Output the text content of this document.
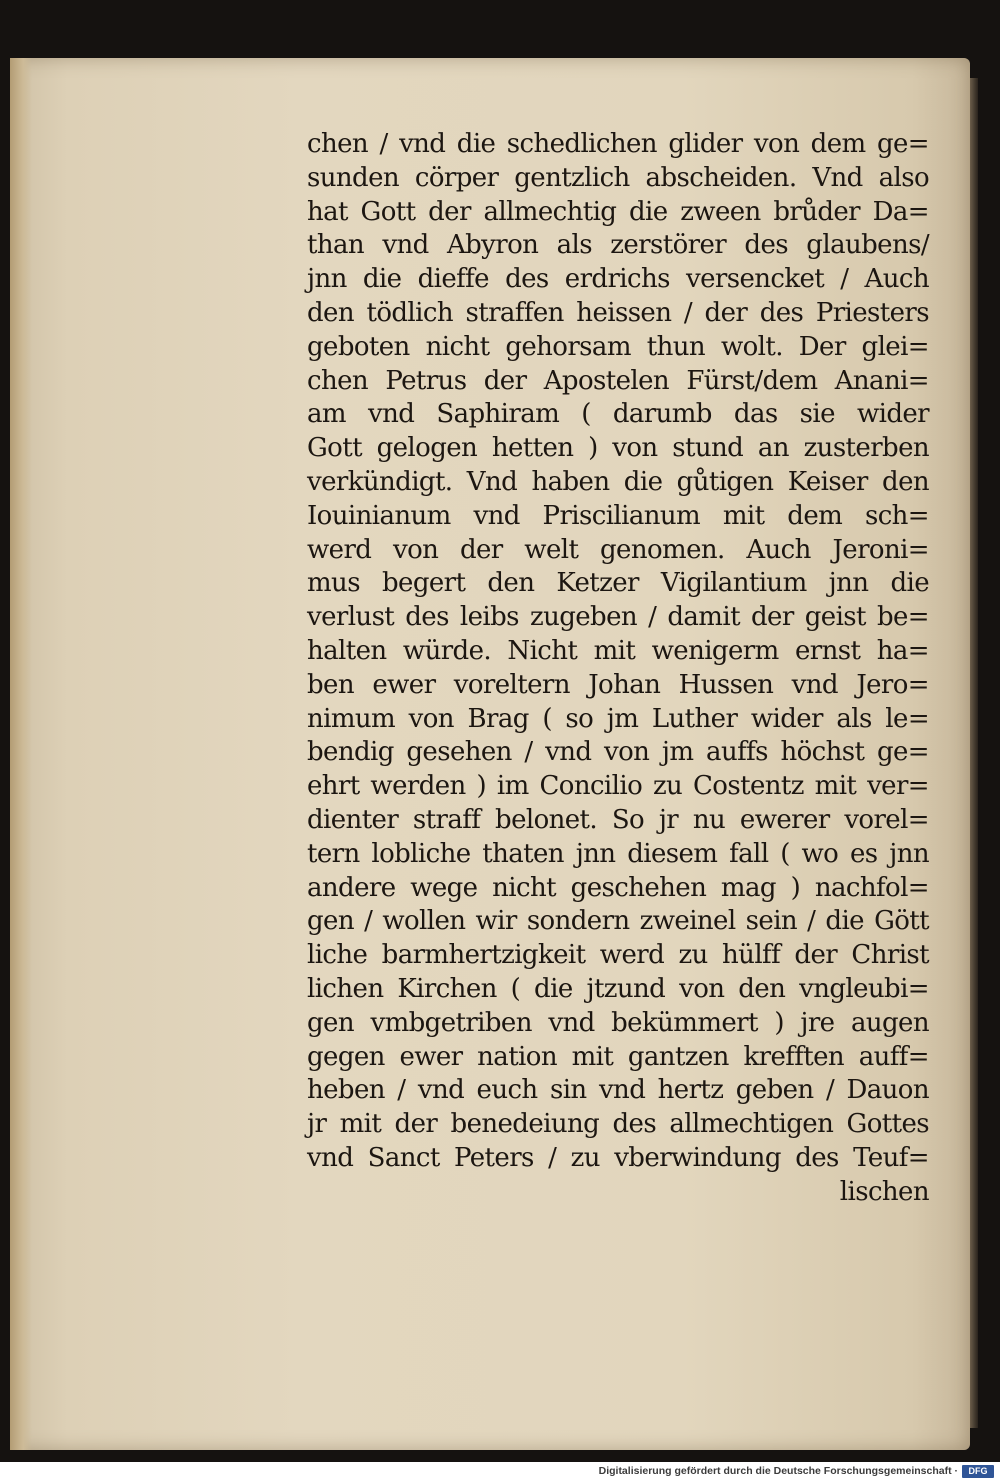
chen / vnd die schedlichen glider von dem ge=
sunden cörper gentzlich abscheiden. Vnd also
hat Gott der allmechtig die zween brůder Da=
than vnd Abyron als zerstörer des glaubens/
jnn die dieffe des erdrichs versencket / Auch
den tödlich straffen heissen / der des Priesters
geboten nicht gehorsam thun wolt. Der glei=
chen Petrus der Apostelen Fürst/dem Anani=
am vnd Saphiram ( darumb das sie wider
Gott gelogen hetten ) von stund an zusterben
verkündigt. Vnd haben die gůtigen Keiser den
Iouinianum vnd Priscilianum mit dem sch=
werd von der welt genomen. Auch Jeroni=
mus begert den Ketzer Vigilantium jnn die
verlust des leibs zugeben / damit der geist be=
halten würde. Nicht mit wenigerm ernst ha=
ben ewer voreltern Johan Hussen vnd Jero=
nimum von Brag ( so jm Luther wider als le=
bendig gesehen / vnd von jm auffs höchst ge=
ehrt werden ) im Concilio zu Costentz mit ver=
dienter straff belonet. So jr nu ewerer vorel=
tern lobliche thaten jnn diesem fall ( wo es jnn
andere wege nicht geschehen mag ) nachfol=
gen / wollen wir sondern zweinel sein / die Gött
liche barmhertzigkeit werd zu hülff der Christ
lichen Kirchen ( die jtzund von den vngleubi=
gen vmbgetriben vnd bekümmert ) jre augen
gegen ewer nation mit gantzen krefften auff=
heben / vnd euch sin vnd hertz geben / Dauon
jr mit der benedeiung des allmechtigen Gottes
vnd Sanct Peters / zu vberwindung des Teuf=
lischen
Digitalisierung gefördert durch die Deutsche Forschungsgemeinschaft ·	DFG
